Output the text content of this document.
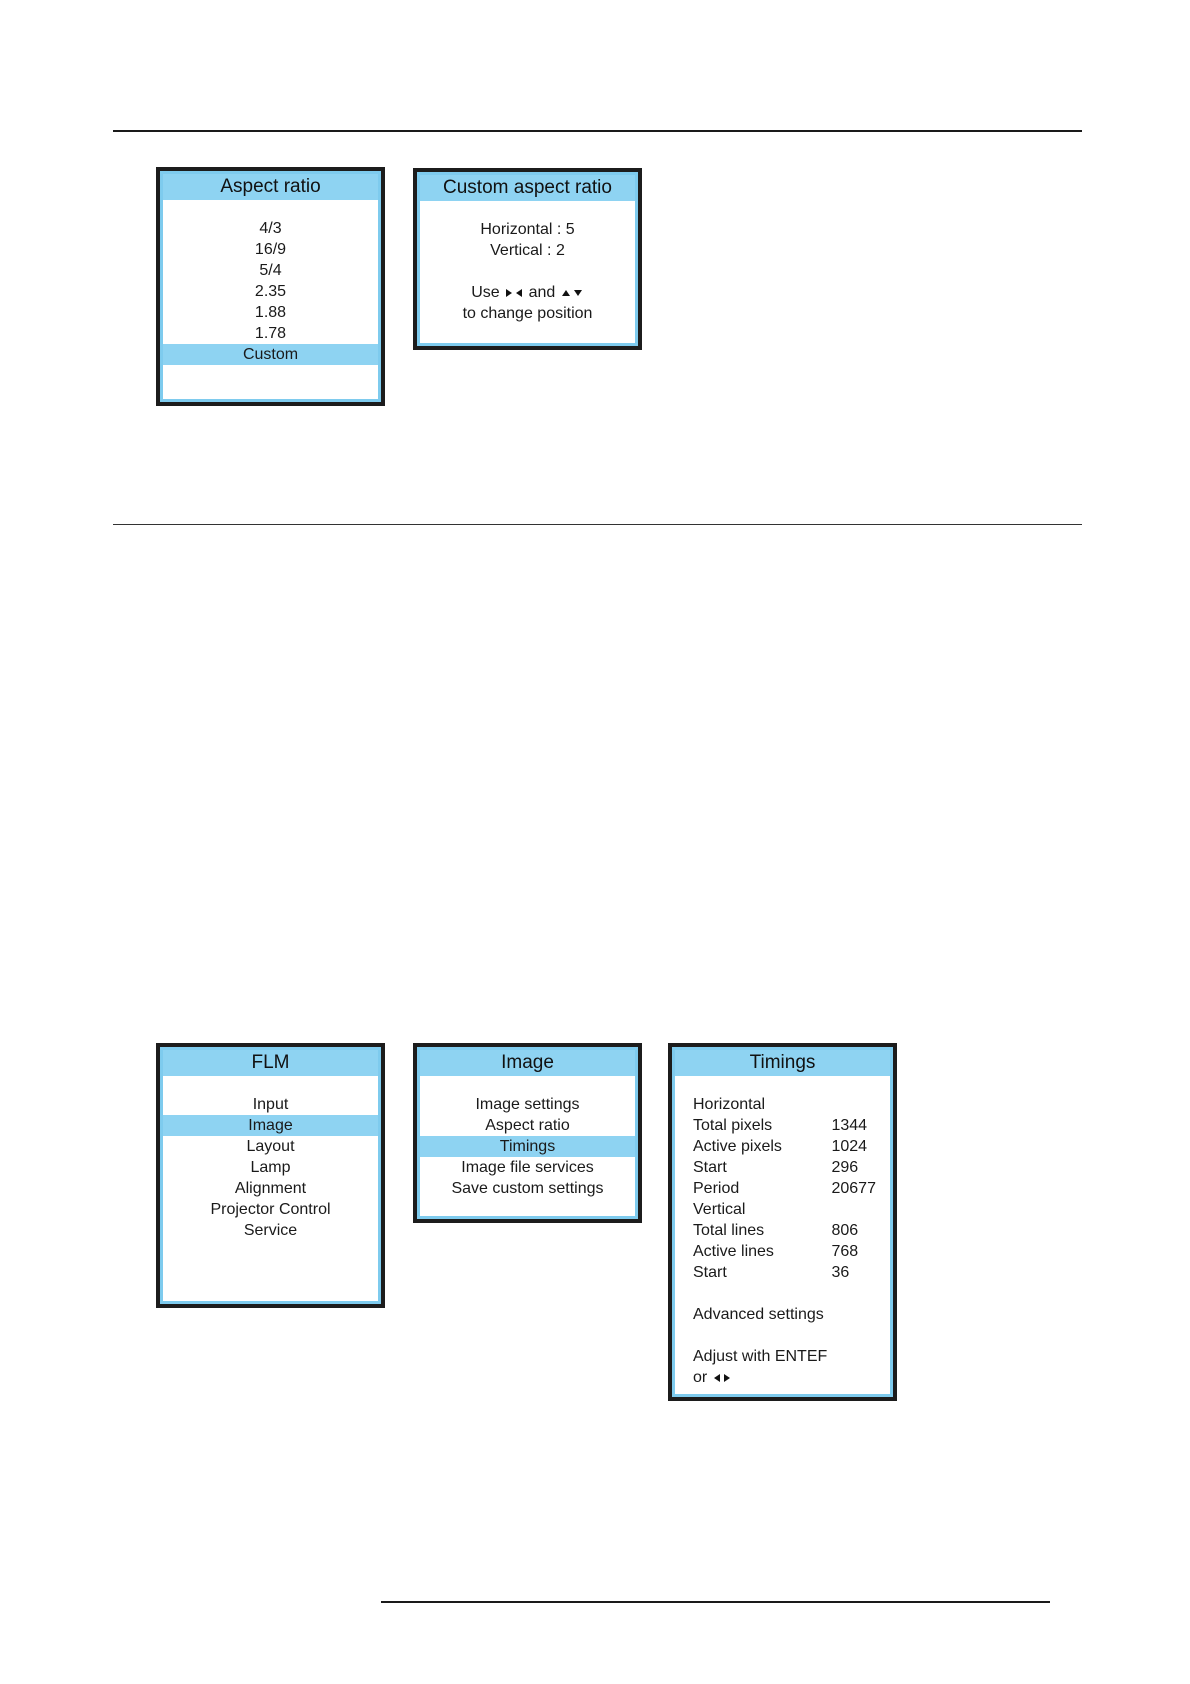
Aspect ratio
4/3
16/9
5/4
2.35
1.88
1.78
Custom
Custom aspect ratio
Horizontal : 5
Vertical : 2
Use and
to change position
FLM
Input
Image
Layout
Lamp
Alignment
Projector Control
Service
Image
Image settings
Aspect ratio
Timings
Image file services
Save custom settings
Timings
Horizontal
Total pixels	1344
Active pixels	1024
Start	296
Period	20677
Vertical
Total lines	806
Active lines	768
Start	36
Advanced settings
Adjust with ENTEF
or
